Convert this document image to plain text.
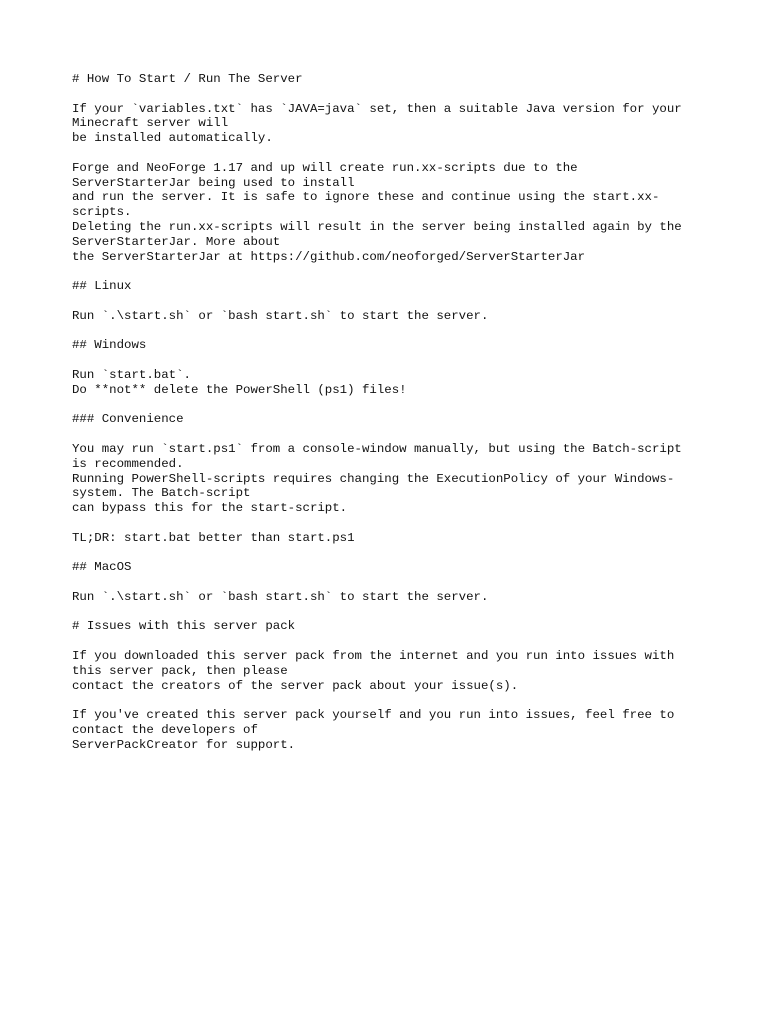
# How To Start / Run The Server
If your `variables.txt` has `JAVA=java` set, then a suitable Java version for your
Minecraft server will
be installed automatically.
Forge and NeoForge 1.17 and up will create run.xx-scripts due to the
ServerStarterJar being used to install
and run the server. It is safe to ignore these and continue using the start.xx-
scripts.
Deleting the run.xx-scripts will result in the server being installed again by the
ServerStarterJar. More about
the ServerStarterJar at https://github.com/neoforged/ServerStarterJar
## Linux
Run `.\start.sh` or `bash start.sh` to start the server.
## Windows
Run `start.bat`.
Do **not** delete the PowerShell (ps1) files!
### Convenience
You may run `start.ps1` from a console-window manually, but using the Batch-script
is recommended.
Running PowerShell-scripts requires changing the ExecutionPolicy of your Windows-
system. The Batch-script
can bypass this for the start-script.
TL;DR: start.bat better than start.ps1
## MacOS
Run `.\start.sh` or `bash start.sh` to start the server.
# Issues with this server pack
If you downloaded this server pack from the internet and you run into issues with
this server pack, then please
contact the creators of the server pack about your issue(s).
If you've created this server pack yourself and you run into issues, feel free to
contact the developers of
ServerPackCreator for support.
